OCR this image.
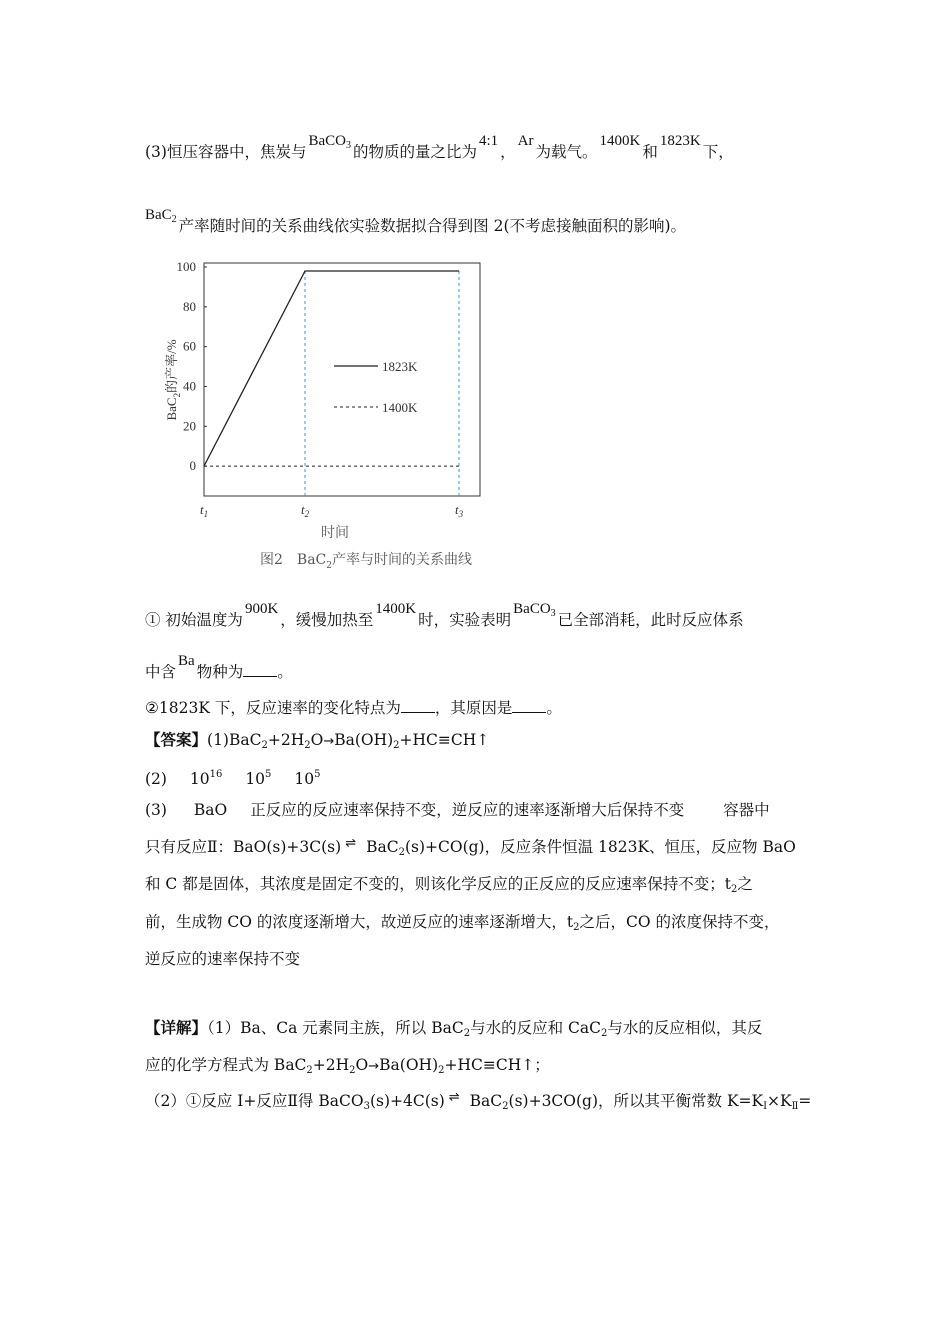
(3)恒压容器中，焦炭与BaCO$_3$ 的物质的量之比为4:1，Ar为载气。1400K和1823K下，
BaC$_2$ 产率随时间的关系曲线依实验数据拟合得到图 2(不考虑接触面积的影响)。
100
80
60
40
20
0
$t_1$	$t_2$	$t_3$
BaC$_2$的产率/%
时间
1823K
1400K
图2　BaC$_2$产率与时间的关系曲线
① 初始温度为900K，缓慢加热至1400K时，实验表明BaCO$_3$ 已全部消耗，此时反应体系
中含Ba物种为 。
②1823K 下，反应速率的变化特点为 ，其原因是 。
【答案】$(1)BaC_2+2H_2O\to Ba(OH)_2+HC\equiv CH↑$
(2) $10^{16}$ $10^5$ $10^5$
(3) BaO 正反应的反应速率保持不变，逆反应的速率逐渐增大后保持不变	容器中
只有反应Ⅱ：BaO(s)+3C(s) ⇌ BaC$_2$(s)+CO(g)，反应条件恒温 1823K、恒压，反应物 BaO
和 C 都是固体，其浓度是固定不变的，则该化学反应的正反应的反应速率保持不变；$t_2$之
前，生成物 CO 的浓度逐渐增大，故逆反应的速率逐渐增大，$t_2$之后，CO 的浓度保持不变，
逆反应的速率保持不变
【详解】（1）Ba、Ca 元素同主族，所以 BaC$_2$与水的反应和 CaC$_2$与水的反应相似，其反
应的化学方程式为 $BaC_2+2H_2O\to Ba(OH)_2+HC\equiv CH↑$；
（2）①反应 I+反应Ⅱ得 BaCO$_3$(s)+4C(s) ⇌ BaC$_2$(s)+3CO(g)，所以其平衡常数 $K=K_Ⅰ\times K_Ⅱ=$
